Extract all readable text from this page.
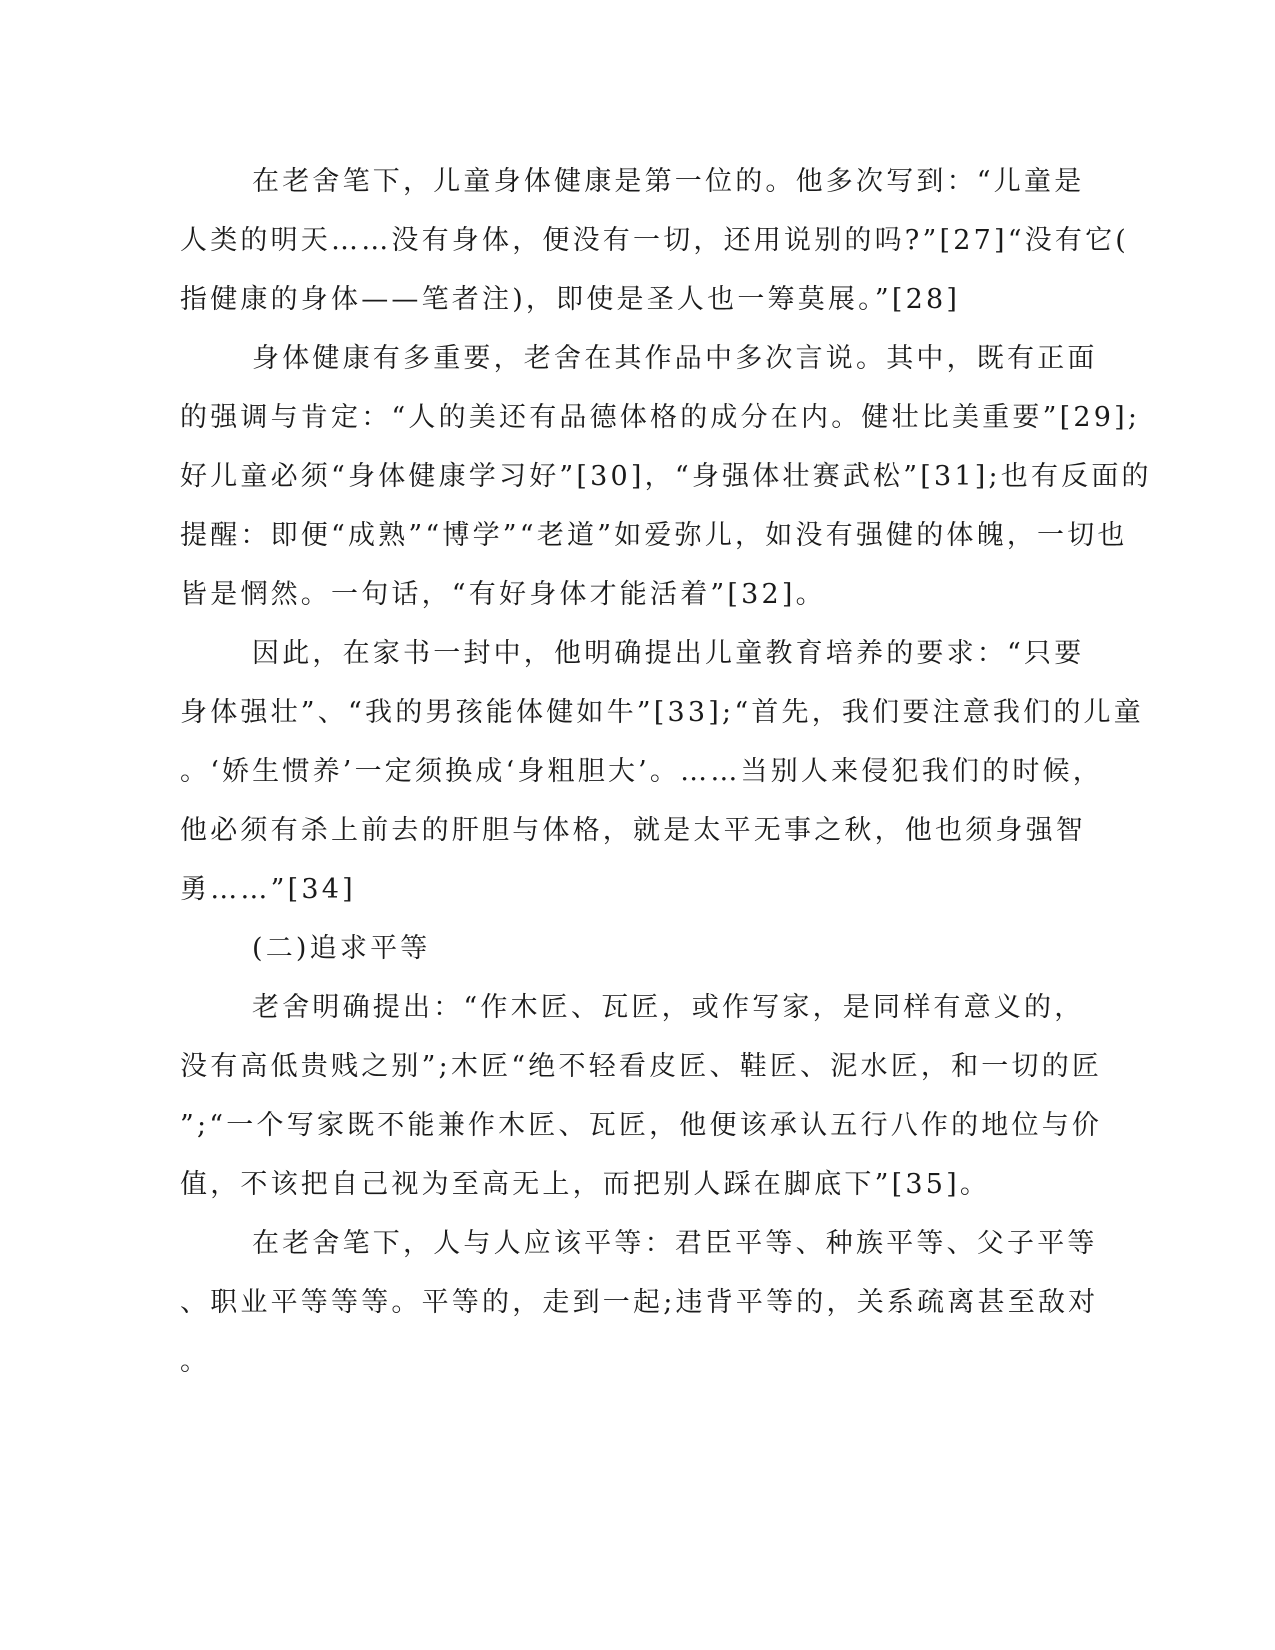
在老舍笔下，儿童身体健康是第一位的。他多次写到：“儿童是
人类的明天……没有身体，便没有一切，还用说别的吗?”[27]“没有它(
指健康的身体——笔者注)，即使是圣人也一筹莫展。”[28]
身体健康有多重要，老舍在其作品中多次言说。其中，既有正面
的强调与肯定：“人的美还有品德体格的成分在内。健壮比美重要”[29];
好儿童必须“身体健康学习好”[30]，“身强体壮赛武松”[31];也有反面的
提醒：即便“成熟”“博学”“老道”如爱弥儿，如没有强健的体魄，一切也
皆是惘然。一句话，“有好身体才能活着”[32]。
因此，在家书一封中，他明确提出儿童教育培养的要求：“只要
身体强壮”、“我的男孩能体健如牛”[33];“首先，我们要注意我们的儿童
。‘娇生惯养’一定须换成‘身粗胆大’。……当别人来侵犯我们的时候，
他必须有杀上前去的肝胆与体格，就是太平无事之秋，他也须身强智
勇……”[34]
(二)追求平等
老舍明确提出：“作木匠、瓦匠，或作写家，是同样有意义的，
没有高低贵贱之别”;木匠“绝不轻看皮匠、鞋匠、泥水匠，和一切的匠
”;“一个写家既不能兼作木匠、瓦匠，他便该承认五行八作的地位与价
值，不该把自己视为至高无上，而把别人踩在脚底下”[35]。
在老舍笔下，人与人应该平等：君臣平等、种族平等、父子平等
、职业平等等等。平等的，走到一起;违背平等的，关系疏离甚至敌对
。
